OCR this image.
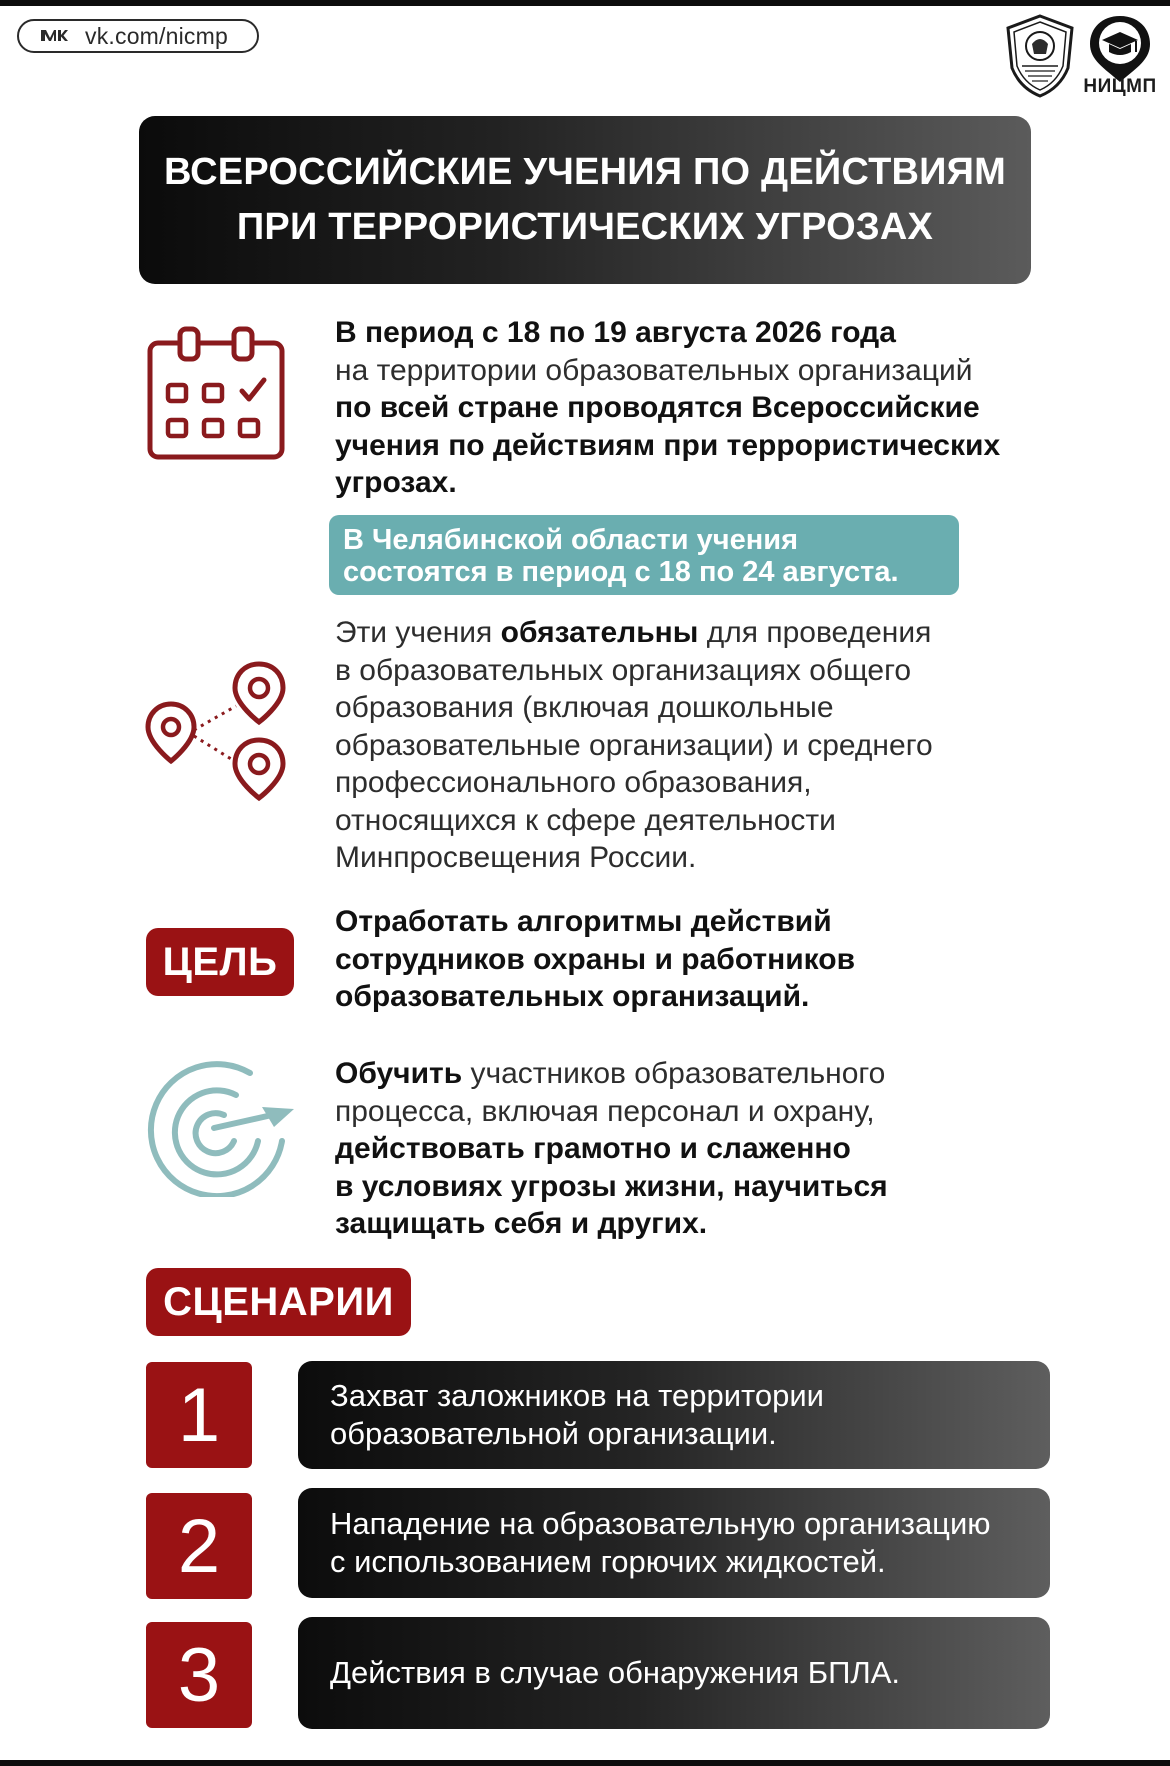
vk.com/nicmp
НИЦМП
ВСЕРОССИЙСКИЕ УЧЕНИЯ ПО ДЕЙСТВИЯМ
ПРИ ТЕРРОРИСТИЧЕСКИХ УГРОЗАХ
В период с 18 по 19 августа 2026 года
на территории образовательных организаций
по всей стране проводятся Всероссийские
учения по действиям при террористических
угрозах.
В Челябинской области учения
состоятся в период с 18 по 24 августа.
Эти учения обязательны для проведения
в образовательных организациях общего
образования (включая дошкольные
образовательные организации) и среднего
профессионального образования,
относящихся к сфере деятельности
Минпросвещения России.
ЦЕЛЬ
Отработать алгоритмы действий
сотрудников охраны и работников
образовательных организаций.
Обучить участников образовательного
процесса, включая персонал и охрану,
действовать грамотно и слаженно
в условиях угрозы жизни, научиться
защищать себя и других.
СЦЕНАРИИ
1	Захват заложников на территории
образовательной организации.
2	Нападение на образовательную организацию
с использованием горючих жидкостей.
3	Действия в случае обнаружения БПЛА.
